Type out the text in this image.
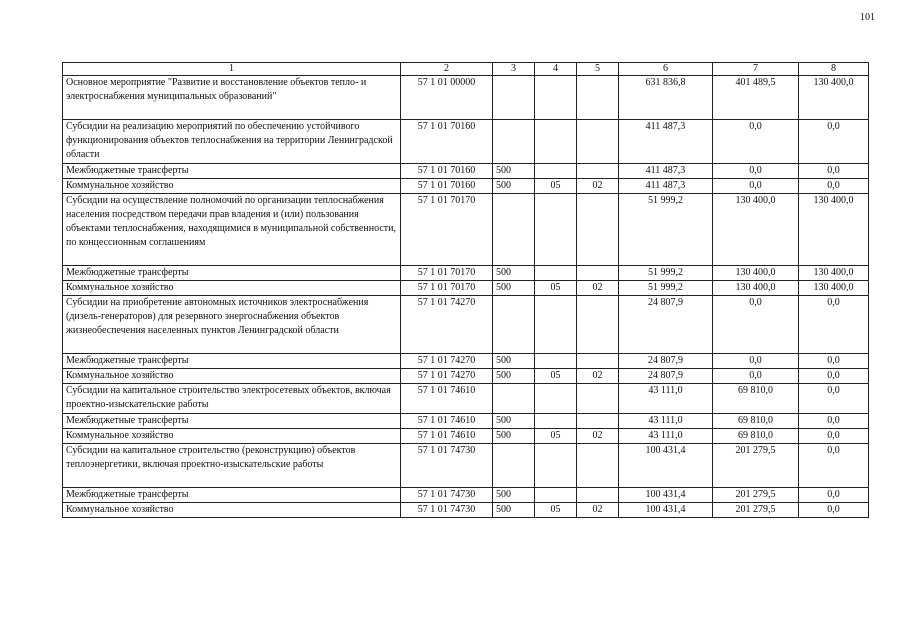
101
1	2	3	4	5	6	7	8
Основное мероприятие "Развитие и восстановление объектов тепло- и электроснабжения муниципальных образований"	57 1 01 00000				631 836,8	401 489,5	130 400,0
Субсидии на реализацию мероприятий по обеспечению устойчивого функционирования объектов теплоснабжения на территории Ленинградской области	57 1 01 70160				411 487,3	0,0	0,0
Межбюджетные трансферты	57 1 01 70160	500			411 487,3	0,0	0,0
Коммунальное хозяйство	57 1 01 70160	500	05	02	411 487,3	0,0	0,0
Субсидии на осуществление полномочий по организации теплоснабжения населения посредством передачи прав владения и (или) пользования объектами теплоснабжения, находящимися в муниципальной собственности, по концессионным соглашениям	57 1 01 70170				51 999,2	130 400,0	130 400,0
Межбюджетные трансферты	57 1 01 70170	500			51 999,2	130 400,0	130 400,0
Коммунальное хозяйство	57 1 01 70170	500	05	02	51 999,2	130 400,0	130 400,0
Субсидии на приобретение автономных источников электроснабжения (дизель-генераторов) для резервного энергоснабжения объектов жизнеобеспечения населенных пунктов Ленинградской области	57 1 01 74270				24 807,9	0,0	0,0
Межбюджетные трансферты	57 1 01 74270	500			24 807,9	0,0	0,0
Коммунальное хозяйство	57 1 01 74270	500	05	02	24 807,9	0,0	0,0
Субсидии на капитальное строительство электросетевых объектов, включая проектно-изыскательские работы	57 1 01 74610				43 111,0	69 810,0	0,0
Межбюджетные трансферты	57 1 01 74610	500			43 111,0	69 810,0	0,0
Коммунальное хозяйство	57 1 01 74610	500	05	02	43 111,0	69 810,0	0,0
Субсидии на капитальное строительство (реконструкцию) объектов теплоэнергетики, включая проектно-изыскательские работы	57 1 01 74730				100 431,4	201 279,5	0,0
Межбюджетные трансферты	57 1 01 74730	500			100 431,4	201 279,5	0,0
Коммунальное хозяйство	57 1 01 74730	500	05	02	100 431,4	201 279,5	0,0
